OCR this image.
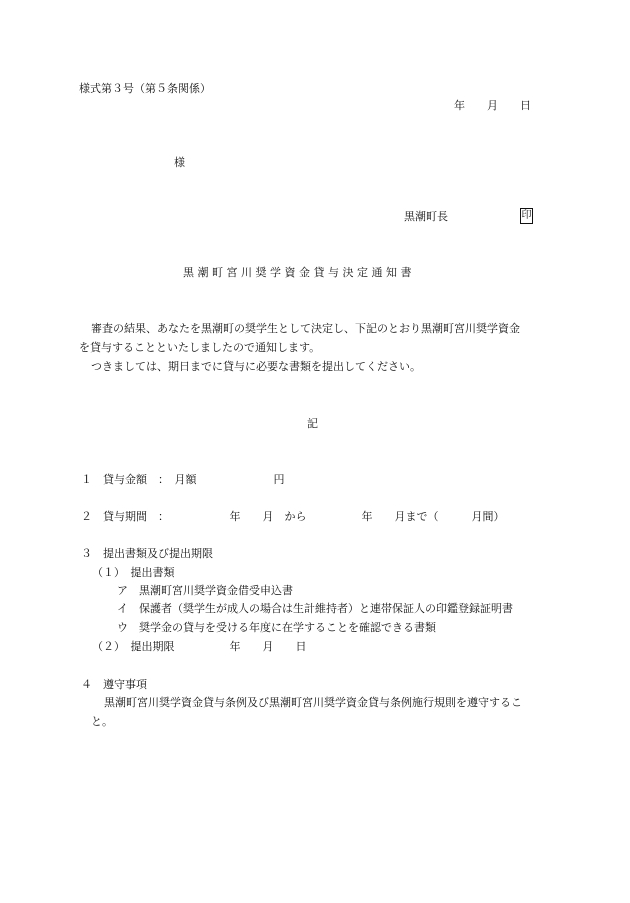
様式第３号（第５条関係）
年　　月　　日
様
黒潮町長	印
黒潮町宮川奨学資金貸与決定通知書
審査の結果、あなたを黒潮町の奨学生として決定し、下記のとおり黒潮町宮川奨学資金
を貸与することといたしましたので通知します。
つきましては、期日までに貸与に必要な書類を提出してください。
記
１　貸与金額　：　月額　　　　　　　円
２　貸与期間　：　　　　　　年　　月　から　　　　　年　　月まで（　　　月間）
３　提出書類及び提出期限
（１）　提出書類
ア　黒潮町宮川奨学資金借受申込書
イ　保護者（奨学生が成人の場合は生計維持者）と連帯保証人の印鑑登録証明書
ウ　奨学金の貸与を受ける年度に在学することを確認できる書類
（２）　提出期限　　　　　年　　月　　日
４　遵守事項
黒潮町宮川奨学資金貸与条例及び黒潮町宮川奨学資金貸与条例施行規則を遵守するこ
と。
